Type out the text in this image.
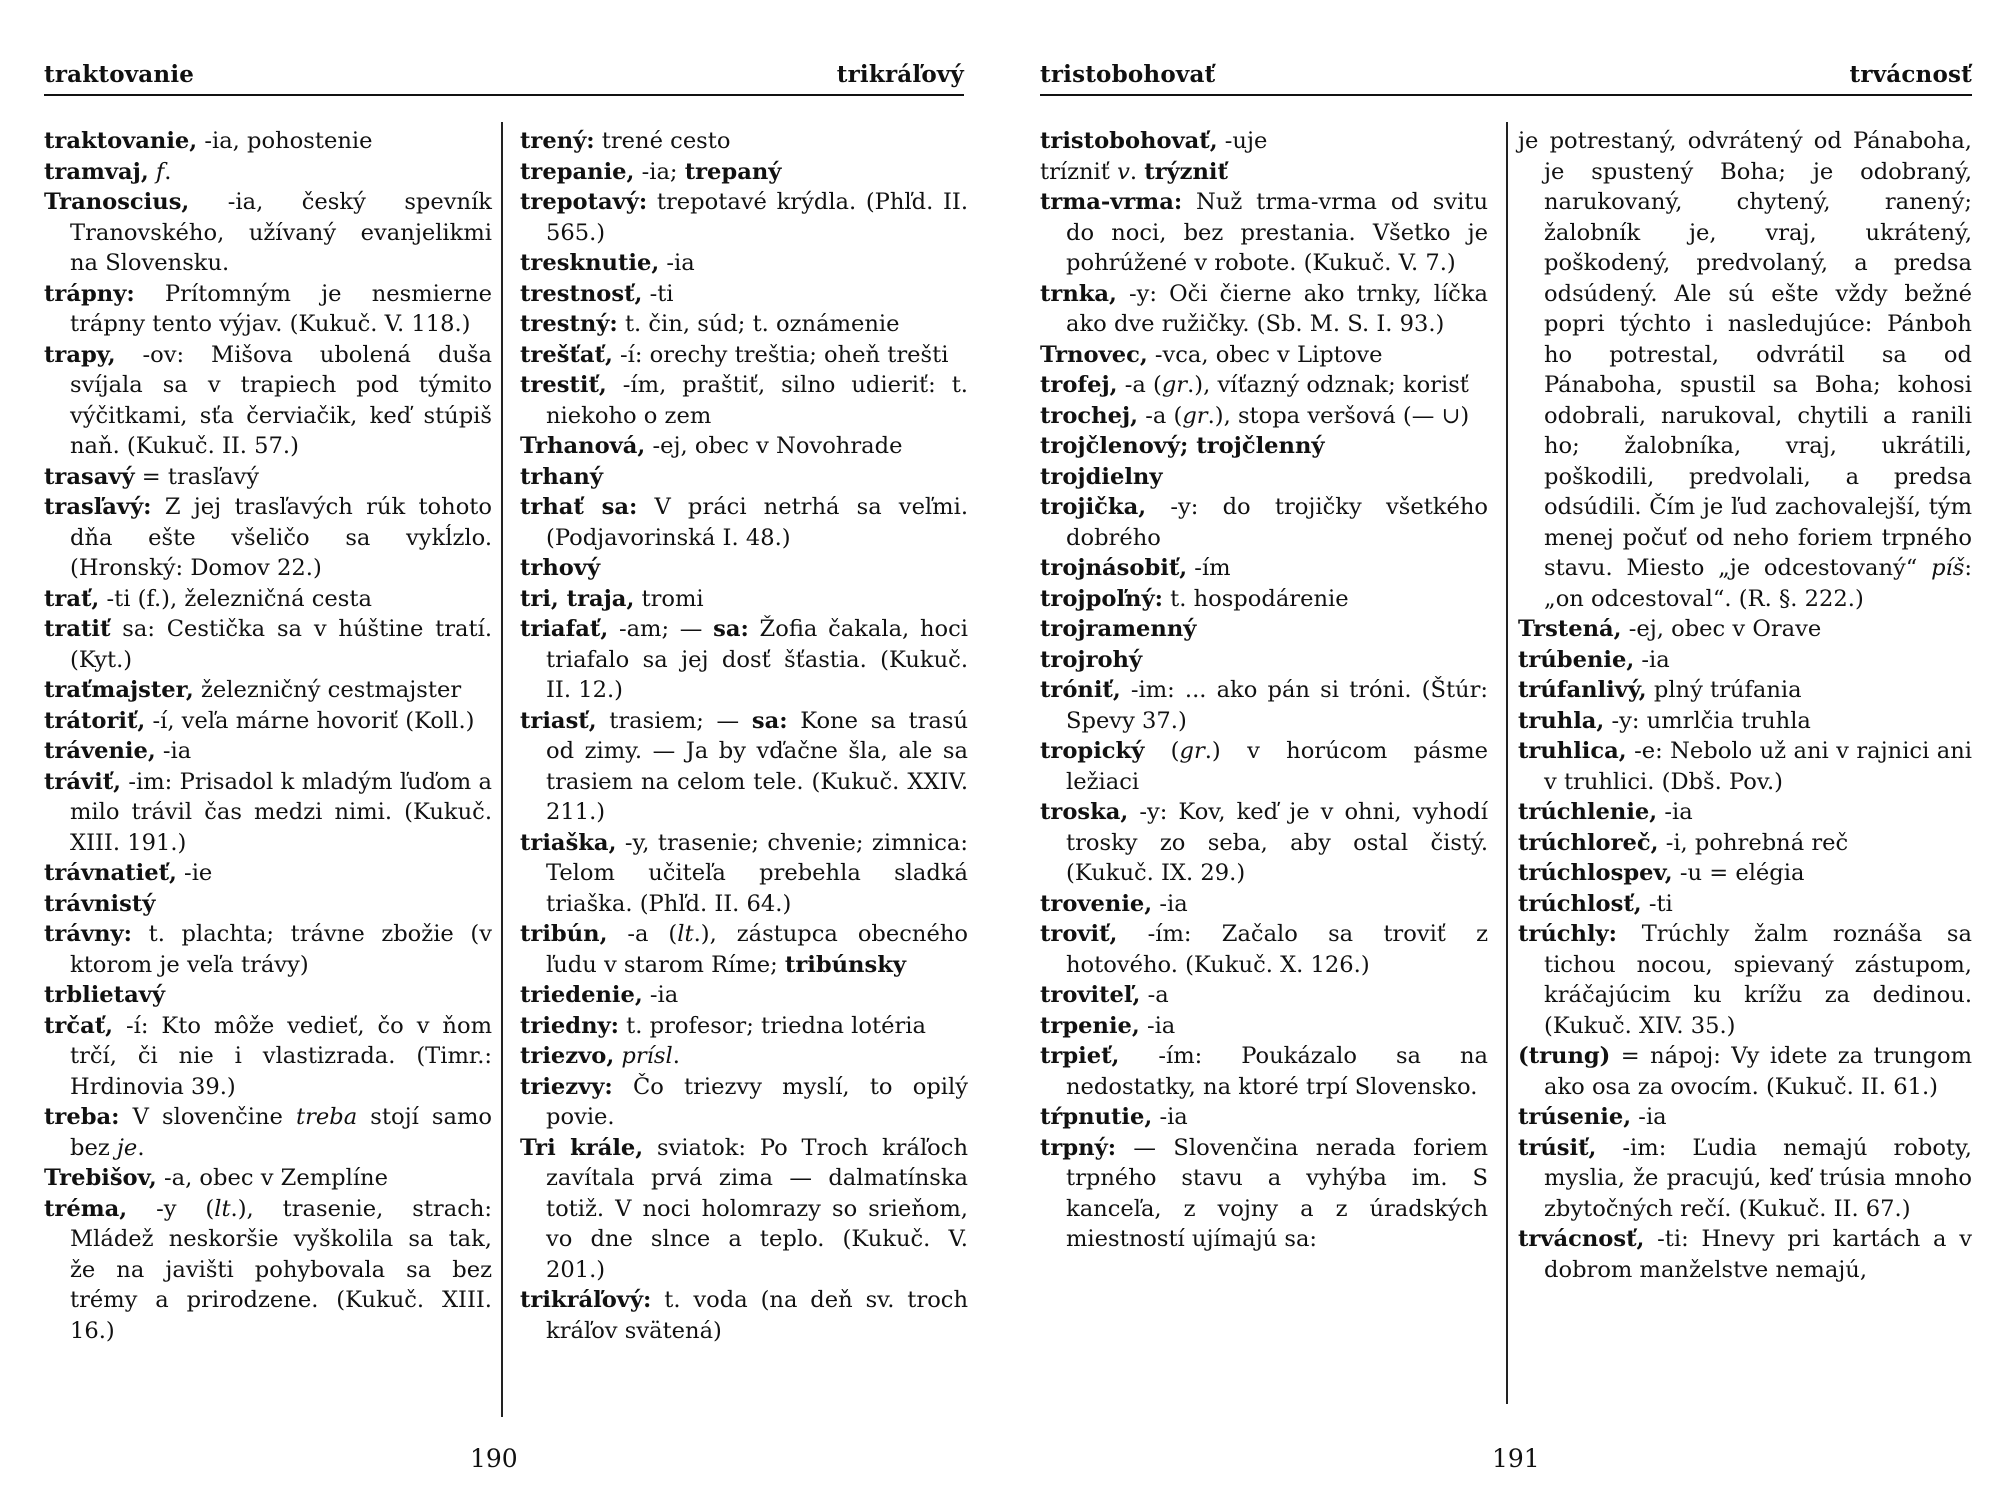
traktovanie	trikráľový

traktovanie, -ia, pohostenie

tramvaj, f.

Tranoscius, -ia, český spevník Tranovského, užívaný evanjelikmi na Slovensku.

trápny: Prítomným je nesmierne trápny tento výjav. (Kukuč. V. 118.)

trapy, -ov: Mišova ubolená duša svíjala sa v trapiech pod týmito výčitkami, sťa červiačik, keď stúpiš naň. (Kukuč. II. 57.)

trasavý = trasľavý

trasľavý: Z jej trasľavých rúk tohoto dňa ešte všeličo sa vykĺzlo. (Hronský: Domov 22.)

trať, -ti (f.), železničná cesta

tratiť sa: Cestička sa v húštine tratí. (Kyt.)

traťmajster, železničný cestmajster

trátoriť, -í, veľa márne hovoriť (Koll.)

trávenie, -ia

tráviť, -im: Prisadol k mladým ľuďom a milo trávil čas medzi nimi. (Kukuč. XIII. 191.)

trávnatieť, -ie

trávnistý

trávny: t. plachta; trávne zbožie (v ktorom je veľa trávy)

trblietavý

trčať, -í: Kto môže vedieť, čo v ňom trčí, či nie i vlastizrada. (Timr.: Hrdinovia 39.)

treba: V slovenčine treba stojí samo bez je.

Trebišov, -a, obec v Zemplíne

tréma, -y (lt.), trasenie, strach: Mládež neskoršie vyškolila sa tak, že na javišti pohybovala sa bez trémy a prirodzene. (Kukuč. XIII. 16.)

trený: trené cesto

trepanie, -ia; trepaný

trepotavý: trepotavé krýdla. (Phľd. II. 565.)

tresknutie, -ia

trestnosť, -ti

trestný: t. čin, súd; t. oznámenie

trešťať, -í: orechy treštia; oheň trešti

trestiť, -ím, praštiť, silno udieriť: t. niekoho o zem

Trhanová, -ej, obec v Novohrade

trhaný

trhať sa: V práci netrhá sa veľmi. (Podjavorinská I. 48.)

trhový

tri, traja, tromi

triafať, -am; — sa: Žofia čakala, hoci triafalo sa jej dosť šťastia. (Kukuč. II. 12.)

triasť, trasiem; — sa: Kone sa trasú od zimy. — Ja by vďačne šla, ale sa trasiem na celom tele. (Kukuč. XXIV. 211.)

triaška, -y, trasenie; chvenie; zimnica: Telom učiteľa prebehla sladká triaška. (Phľd. II. 64.)

tribún, -a (lt.), zástupca obecného ľudu v starom Ríme; tribúnsky

triedenie, -ia

triedny: t. profesor; triedna lotéria

triezvo, prísl.

triezvy: Čo triezvy myslí, to opilý povie.

Tri krále, sviatok: Po Troch kráľoch zavítala prvá zima — dalmatínska totiž. V noci holomrazy so srieňom, vo dne slnce a teplo. (Kukuč. V. 201.)

trikráľový: t. voda (na deň sv. troch kráľov svätená)

190
tristobohovať	trvácnosť

tristobohovať, -uje

trízniť v. trýzniť

trma-vrma: Nuž trma-vrma od svitu do noci, bez prestania. Všetko je pohrúžené v robote. (Kukuč. V. 7.)

trnka, -y: Oči čierne ako trnky, líčka ako dve ružičky. (Sb. M. S. I. 93.)

Trnovec, -vca, obec v Liptove

trofej, -a (gr.), víťazný odznak; korisť

trochej, -a (gr.), stopa veršová (— ∪)

trojčlenový; trojčlenný

trojdielny

trojička, -y: do trojičky všetkého dobrého

trojnásobiť, -ím

trojpoľný: t. hospodárenie

trojramenný

trojrohý

tróniť, -im: ... ako pán si tróni. (Štúr: Spevy 37.)

tropický (gr.) v horúcom pásme ležiaci

troska, -y: Kov, keď je v ohni, vyhodí trosky zo seba, aby ostal čistý. (Kukuč. IX. 29.)

trovenie, -ia

troviť, -ím: Začalo sa troviť z hotového. (Kukuč. X. 126.)

troviteľ, -a

trpenie, -ia

trpieť, -ím: Poukázalo sa na nedostatky, na ktoré trpí Slovensko.

tŕpnutie, -ia

trpný: — Slovenčina nerada foriem trpného stavu a vyhýba im. S kanceľa, z vojny a z úradských miestností ujímajú sa:

je potrestaný, odvrátený od Pánaboha, je spustený Boha; je odobraný, narukovaný, chytený, ranený; žalobník je, vraj, ukrátený, poškodený, predvolaný, a predsa odsúdený. Ale sú ešte vždy bežné popri týchto i nasledujúce: Pánboh ho potrestal, odvrátil sa od Pánaboha, spustil sa Boha; kohosi odobrali, narukoval, chytili a ranili ho; žalobníka, vraj, ukrátili, poškodili, predvolali, a predsa odsúdili. Čím je ľud zachovalejší, tým menej počuť od neho foriem trpného stavu. Miesto „je odcestovaný“ píš: „on odcestoval“. (R. §. 222.)

Trstená, -ej, obec v Orave

trúbenie, -ia

trúfanlivý, plný trúfania

truhla, -y: umrlčia truhla

truhlica, -e: Nebolo už ani v rajnici ani v truhlici. (Dbš. Pov.)

trúchlenie, -ia

trúchloreč, -i, pohrebná reč

trúchlospev, -u = elégia

trúchlosť, -ti

trúchly: Trúchly žalm roznáša sa tichou nocou, spievaný zástupom, kráčajúcim ku krížu za dedinou. (Kukuč. XIV. 35.)

(trung) = nápoj: Vy idete za trungom ako osa za ovocím. (Kukuč. II. 61.)

trúsenie, -ia

trúsiť, -im: Ľudia nemajú roboty, myslia, že pracujú, keď trúsia mnoho zbytočných rečí. (Kukuč. II. 67.)

trvácnosť, -ti: Hnevy pri kartách a v dobrom manželstve nemajú,

191
